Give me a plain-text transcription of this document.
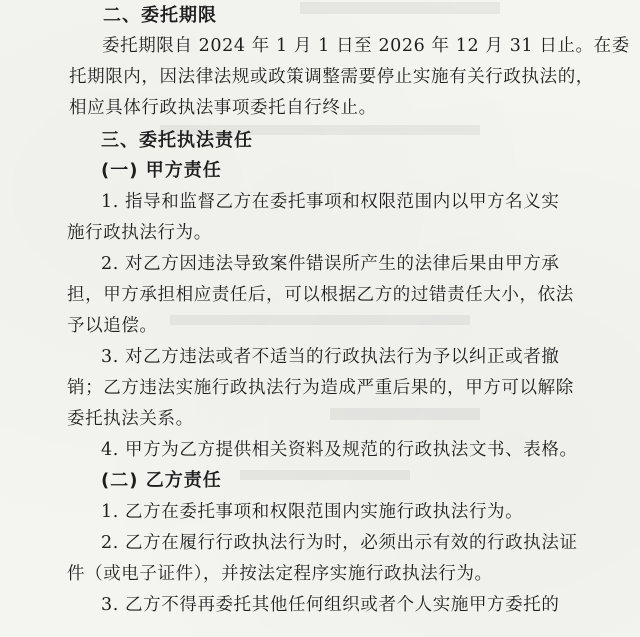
二、委托期限
委托期限自 2024 年 1 月 1 日至 2026 年 12 月 31 日止。在委
托期限内，因法律法规或政策调整需要停止实施有关行政执法的，
相应具体行政执法事项委托自行终止。
三、委托执法责任
(一) 甲方责任
1. 指导和监督乙方在委托事项和权限范围内以甲方名义实
施行政执法行为。
2. 对乙方因违法导致案件错误所产生的法律后果由甲方承
担，甲方承担相应责任后，可以根据乙方的过错责任大小，依法
予以追偿。
3. 对乙方违法或者不适当的行政执法行为予以纠正或者撤
销；乙方违法实施行政执法行为造成严重后果的，甲方可以解除
委托执法关系。
4. 甲方为乙方提供相关资料及规范的行政执法文书、表格。
(二) 乙方责任
1. 乙方在委托事项和权限范围内实施行政执法行为。
2. 乙方在履行行政执法行为时，必须出示有效的行政执法证
件（或电子证件），并按法定程序实施行政执法行为。
3. 乙方不得再委托其他任何组织或者个人实施甲方委托的
